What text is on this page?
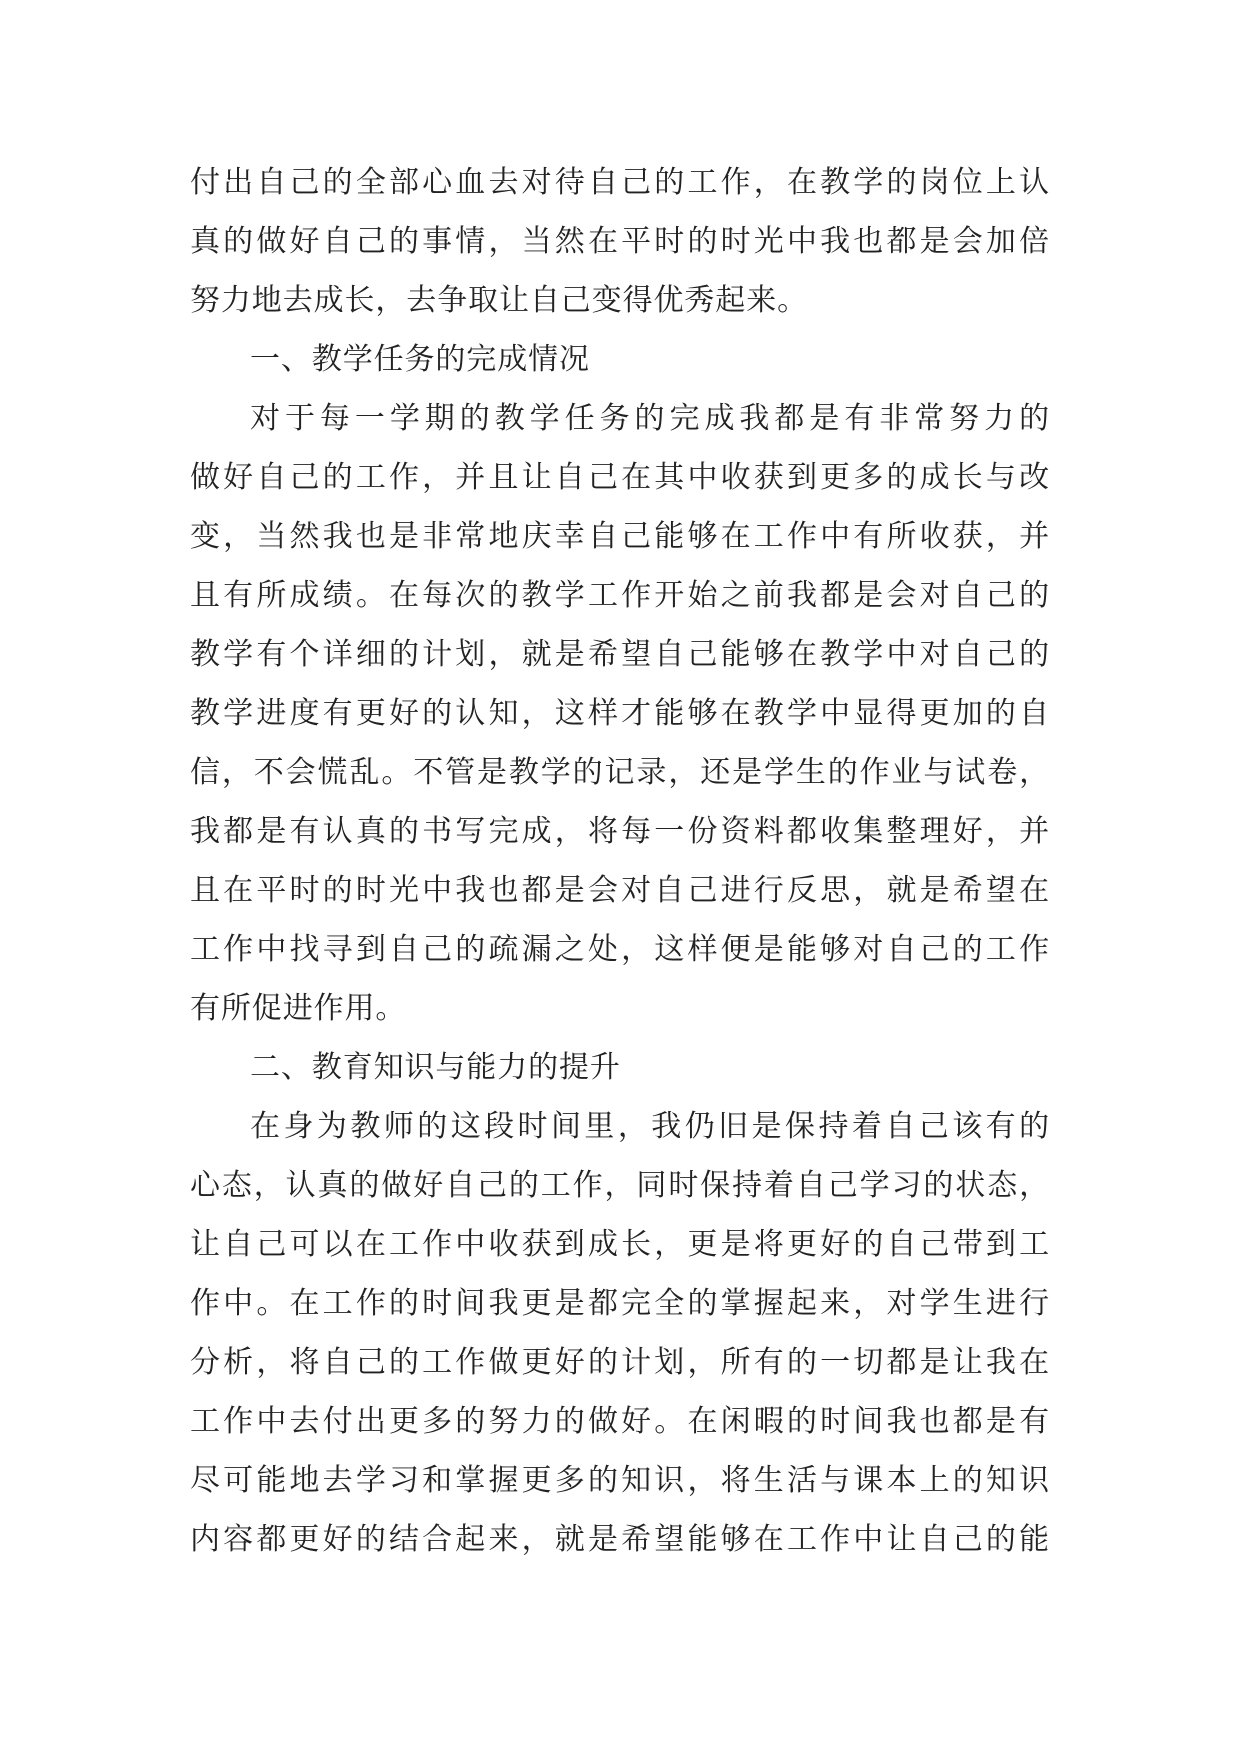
付出自己的全部心血去对待自己的工作，在教学的岗位上认
真的做好自己的事情，当然在平时的时光中我也都是会加倍
努力地去成长，去争取让自己变得优秀起来。
一、教学任务的完成情况
对于每一学期的教学任务的完成我都是有非常努力的
做好自己的工作，并且让自己在其中收获到更多的成长与改
变，当然我也是非常地庆幸自己能够在工作中有所收获，并
且有所成绩。在每次的教学工作开始之前我都是会对自己的
教学有个详细的计划，就是希望自己能够在教学中对自己的
教学进度有更好的认知，这样才能够在教学中显得更加的自
信，不会慌乱。不管是教学的记录，还是学生的作业与试卷，
我都是有认真的书写完成，将每一份资料都收集整理好，并
且在平时的时光中我也都是会对自己进行反思，就是希望在
工作中找寻到自己的疏漏之处，这样便是能够对自己的工作
有所促进作用。
二、教育知识与能力的提升
在身为教师的这段时间里，我仍旧是保持着自己该有的
心态，认真的做好自己的工作，同时保持着自己学习的状态，
让自己可以在工作中收获到成长，更是将更好的自己带到工
作中。在工作的时间我更是都完全的掌握起来，对学生进行
分析，将自己的工作做更好的计划，所有的一切都是让我在
工作中去付出更多的努力的做好。在闲暇的时间我也都是有
尽可能地去学习和掌握更多的知识，将生活与课本上的知识
内容都更好的结合起来，就是希望能够在工作中让自己的能
